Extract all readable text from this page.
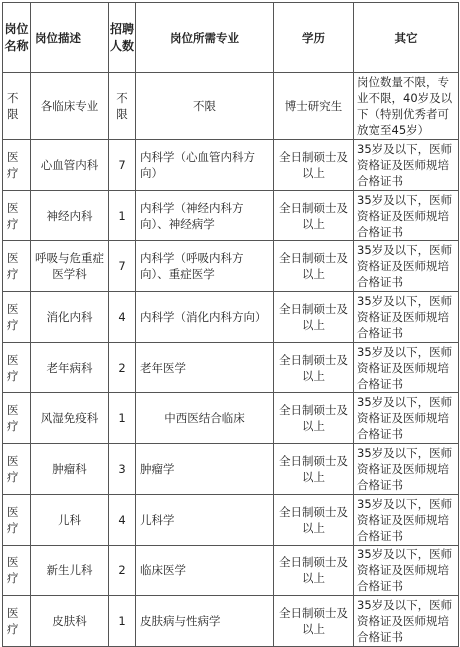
岗位名称	岗位描述	招聘人数	岗位所需专业	学历	其它
不限	各临床专业	不限	不限	博士研究生	岗位数量不限，专业不限，40岁及以下（特别优秀者可放宽至45岁）
医疗	心血管内科	7	内科学（心血管内科方向）	全日制硕士及以上	35岁及以下，医师资格证及医师规培合格证书
医疗	神经内科	1	内科学（神经内科方向）、神经病学	全日制硕士及以上	35岁及以下，医师资格证及医师规培合格证书
医疗	呼吸与危重症医学科	7	内科学（呼吸内科方向）、重症医学	全日制硕士及以上	35岁及以下，医师资格证及医师规培合格证书
医疗	消化内科	4	内科学（消化内科方向）	全日制硕士及以上	35岁及以下，医师资格证及医师规培合格证书
医疗	老年病科	2	老年医学	全日制硕士及以上	35岁及以下，医师资格证及医师规培合格证书
医疗	风湿免疫科	1	中西医结合临床	全日制硕士及以上	35岁及以下，医师资格证及医师规培合格证书
医疗	肿瘤科	3	肿瘤学	全日制硕士及以上	35岁及以下，医师资格证及医师规培合格证书
医疗	儿科	4	儿科学	全日制硕士及以上	35岁及以下，医师资格证及医师规培合格证书
医疗	新生儿科	2	临床医学	全日制硕士及以上	35岁及以下，医师资格证及医师规培合格证书
医疗	皮肤科	1	皮肤病与性病学	全日制硕士及以上	35岁及以下，医师资格证及医师规培合格证书
